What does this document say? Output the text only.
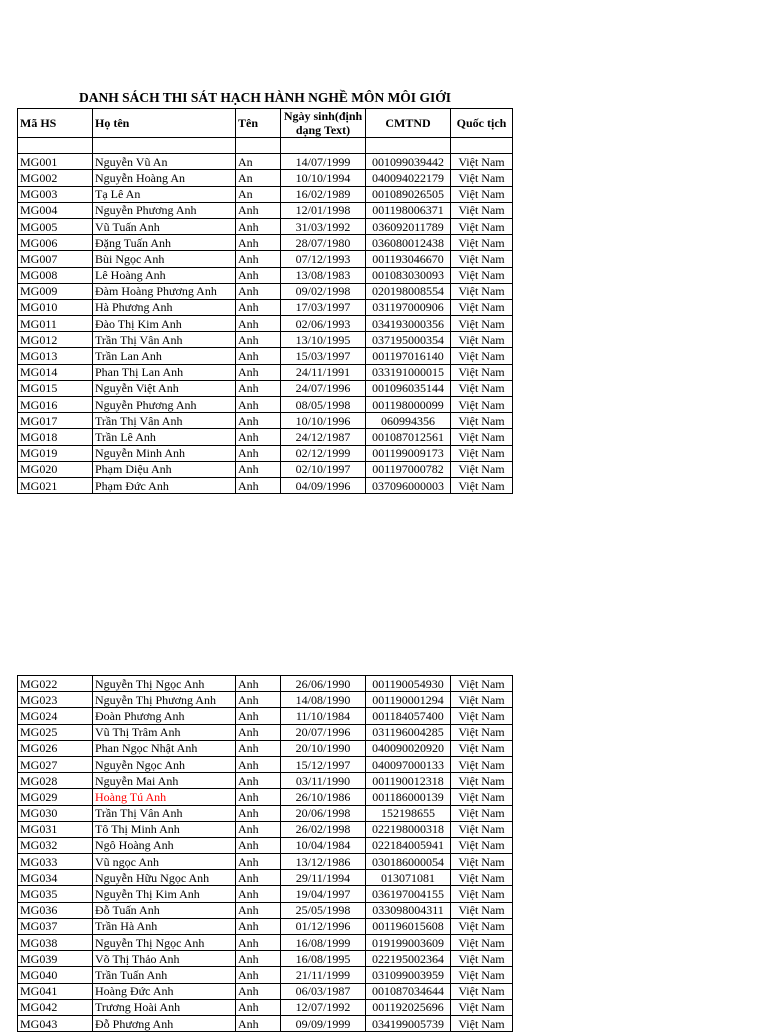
DANH SÁCH THI SÁT HẠCH HÀNH NGHỀ MÔN MÔI GIỚI
Mã HS	Họ tên	Tên	Ngày sinh(định dạng Text)	CMTND	Quốc tịch

MG001	Nguyễn Vũ An	An	14/07/1999	001099039442	Việt Nam
MG002	Nguyễn Hoàng An	An	10/10/1994	040094022179	Việt Nam
MG003	Tạ Lê An	An	16/02/1989	001089026505	Việt Nam
MG004	Nguyễn Phương Anh	Anh	12/01/1998	001198006371	Việt Nam
MG005	Vũ Tuấn Anh	Anh	31/03/1992	036092011789	Việt Nam
MG006	Đặng Tuấn Anh	Anh	28/07/1980	036080012438	Việt Nam
MG007	Bùi Ngọc Anh	Anh	07/12/1993	001193046670	Việt Nam
MG008	Lê Hoàng Anh	Anh	13/08/1983	001083030093	Việt Nam
MG009	Đàm Hoàng Phương Anh	Anh	09/02/1998	020198008554	Việt Nam
MG010	Hà Phương Anh	Anh	17/03/1997	031197000906	Việt Nam
MG011	Đào Thị Kim Anh	Anh	02/06/1993	034193000356	Việt Nam
MG012	Trần Thị Vân Anh	Anh	13/10/1995	037195000354	Việt Nam
MG013	Trần Lan Anh	Anh	15/03/1997	001197016140	Việt Nam
MG014	Phan Thị Lan Anh	Anh	24/11/1991	033191000015	Việt Nam
MG015	Nguyễn Việt Anh	Anh	24/07/1996	001096035144	Việt Nam
MG016	Nguyễn Phương Anh	Anh	08/05/1998	001198000099	Việt Nam
MG017	Trần Thị Vân Anh	Anh	10/10/1996	060994356	Việt Nam
MG018	Trần Lê Anh	Anh	24/12/1987	001087012561	Việt Nam
MG019	Nguyễn Minh Anh	Anh	02/12/1999	001199009173	Việt Nam
MG020	Phạm Diệu Anh	Anh	02/10/1997	001197000782	Việt Nam
MG021	Phạm Đức Anh	Anh	04/09/1996	037096000003	Việt Nam
MG022	Nguyễn Thị Ngọc Anh	Anh	26/06/1990	001190054930	Việt Nam
MG023	Nguyễn Thị Phương Anh	Anh	14/08/1990	001190001294	Việt Nam
MG024	Đoàn Phương Anh	Anh	11/10/1984	001184057400	Việt Nam
MG025	Vũ Thị Trâm Anh	Anh	20/07/1996	031196004285	Việt Nam
MG026	Phan Ngọc Nhật Anh	Anh	20/10/1990	040090020920	Việt Nam
MG027	Nguyễn Ngọc Anh	Anh	15/12/1997	040097000133	Việt Nam
MG028	Nguyễn Mai Anh	Anh	03/11/1990	001190012318	Việt Nam
MG029	Hoàng Tú Anh	Anh	26/10/1986	001186000139	Việt Nam
MG030	Trần Thị Vân Anh	Anh	20/06/1998	152198655	Việt Nam
MG031	Tô Thị Minh Anh	Anh	26/02/1998	022198000318	Việt Nam
MG032	Ngô Hoàng Anh	Anh	10/04/1984	022184005941	Việt Nam
MG033	Vũ ngọc Anh	Anh	13/12/1986	030186000054	Việt Nam
MG034	Nguyễn Hữu Ngọc Anh	Anh	29/11/1994	013071081	Việt Nam
MG035	Nguyễn Thị Kim Anh	Anh	19/04/1997	036197004155	Việt Nam
MG036	Đỗ Tuấn Anh	Anh	25/05/1998	033098004311	Việt Nam
MG037	Trần Hà Anh	Anh	01/12/1996	001196015608	Việt Nam
MG038	Nguyễn Thị Ngọc Anh	Anh	16/08/1999	019199003609	Việt Nam
MG039	Võ Thị Thảo Anh	Anh	16/08/1995	022195002364	Việt Nam
MG040	Trần Tuấn Anh	Anh	21/11/1999	031099003959	Việt Nam
MG041	Hoàng Đức Anh	Anh	06/03/1987	001087034644	Việt Nam
MG042	Trương Hoài Anh	Anh	12/07/1992	001192025696	Việt Nam
MG043	Đỗ Phương Anh	Anh	09/09/1999	034199005739	Việt Nam
